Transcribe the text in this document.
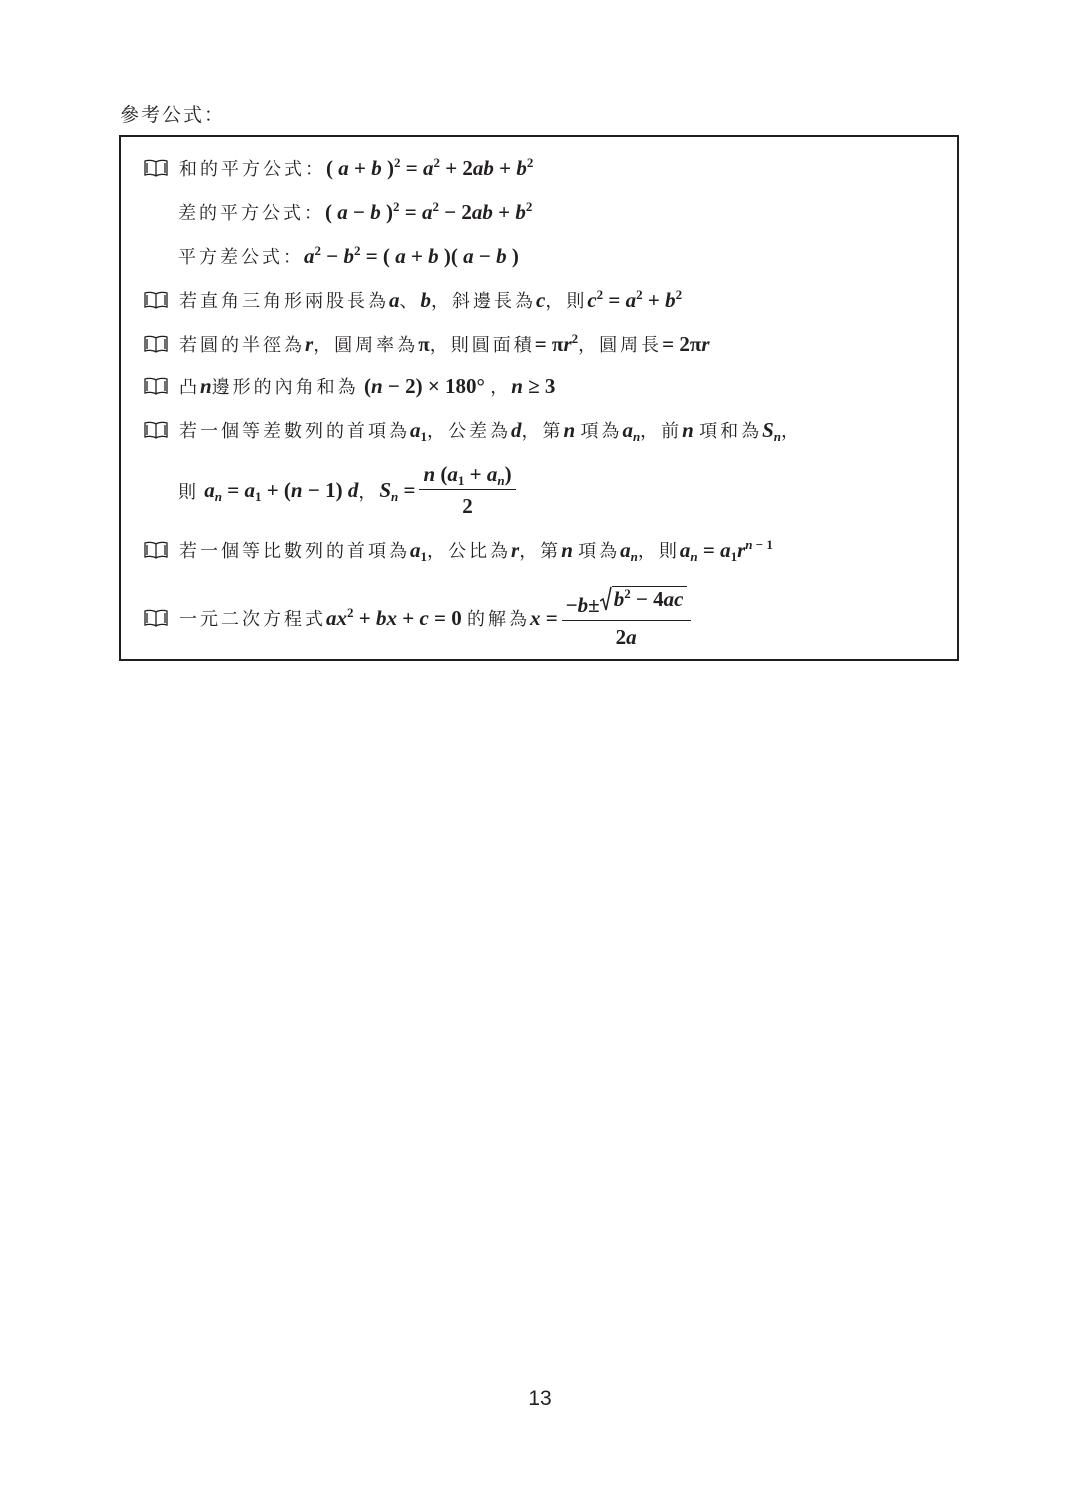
參考公式：
和的平方公式： ( a + b )$^2 = a^2 + 2ab + b^2$
差的平方公式： ( a − b )$^2 = a^2 - 2ab + b^2$
平方差公式： $a^2 - b^2$ = ( a + b )( a − b )
若直角三角形兩股長為 a 、 b ，斜邊長為 c ，則 $c^2 = a^2 + b^2$
若圓的半徑為 r ，圓周率為 π ，則圓面積 = $\pi r^2$ ，圓周長 = 2πr
凸 n 邊形的內角和為 (n − 2) × 180° ， n ≥ 3
若一個等差數列的首項為 $a_1$ ，公差為 d ，第 n 項為 $a_n$ ，前 n 項和為 $S_n$ ，
則 $a_n = a_1 + (n - 1)$ d ， $S_n = \frac{n (a_1 + a_n)}{2}$
若一個等比數列的首項為 $a_1$ ，公比為 r ，第 n 項為 $a_n$ ，則 $a_n = a_1r^{n - 1}$
一元二次方程式 $ax^2$ + bx + c = 0 的解為 $x = \frac{-b\pm b^2 - 4ac}{2a}$
13
